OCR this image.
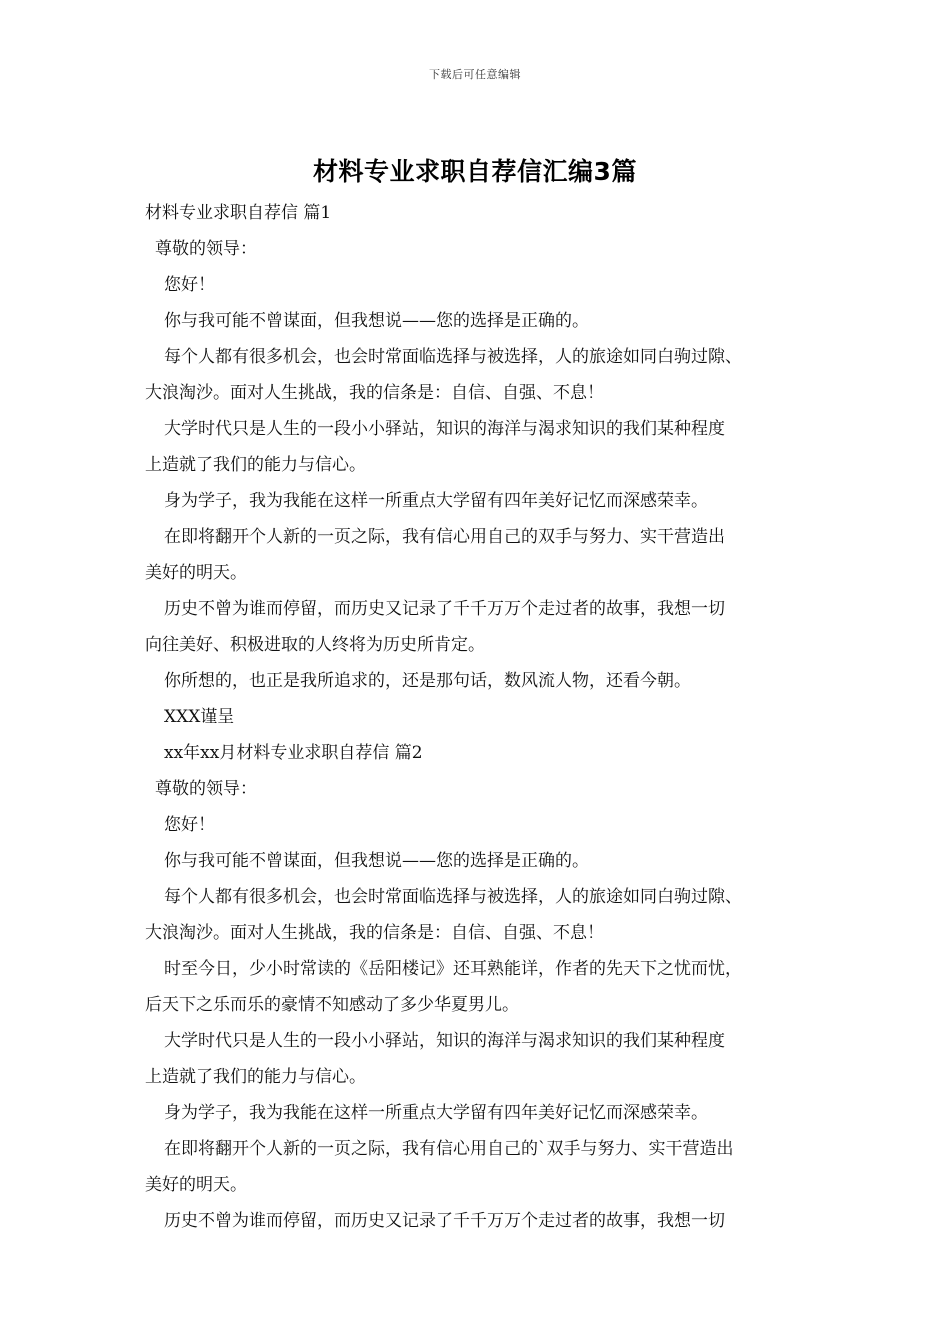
下载后可任意编辑
材料专业求职自荐信汇编3篇
材料专业求职自荐信 篇1
尊敬的领导：
您好！
你与我可能不曾谋面，但我想说——您的选择是正确的。
每个人都有很多机会，也会时常面临选择与被选择，人的旅途如同白驹过隙、
大浪淘沙。面对人生挑战，我的信条是：自信、自强、不息！
大学时代只是人生的一段小小驿站，知识的海洋与渴求知识的我们某种程度
上造就了我们的能力与信心。
身为学子，我为我能在这样一所重点大学留有四年美好记忆而深感荣幸。
在即将翻开个人新的一页之际，我有信心用自己的双手与努力、实干营造出
美好的明天。
历史不曾为谁而停留，而历史又记录了千千万万个走过者的故事，我想一切
向往美好、积极进取的人终将为历史所肯定。
你所想的，也正是我所追求的，还是那句话，数风流人物，还看今朝。
XXX谨呈
xx年xx月材料专业求职自荐信 篇2
尊敬的领导：
您好！
你与我可能不曾谋面，但我想说——您的选择是正确的。
每个人都有很多机会，也会时常面临选择与被选择，人的旅途如同白驹过隙、
大浪淘沙。面对人生挑战，我的信条是：自信、自强、不息！
时至今日，少小时常读的《岳阳楼记》还耳熟能详，作者的先天下之忧而忧，
后天下之乐而乐的豪情不知感动了多少华夏男儿。
大学时代只是人生的一段小小驿站，知识的海洋与渴求知识的我们某种程度
上造就了我们的能力与信心。
身为学子，我为我能在这样一所重点大学留有四年美好记忆而深感荣幸。
在即将翻开个人新的一页之际，我有信心用自己的`双手与努力、实干营造出
美好的明天。
历史不曾为谁而停留，而历史又记录了千千万万个走过者的故事，我想一切
